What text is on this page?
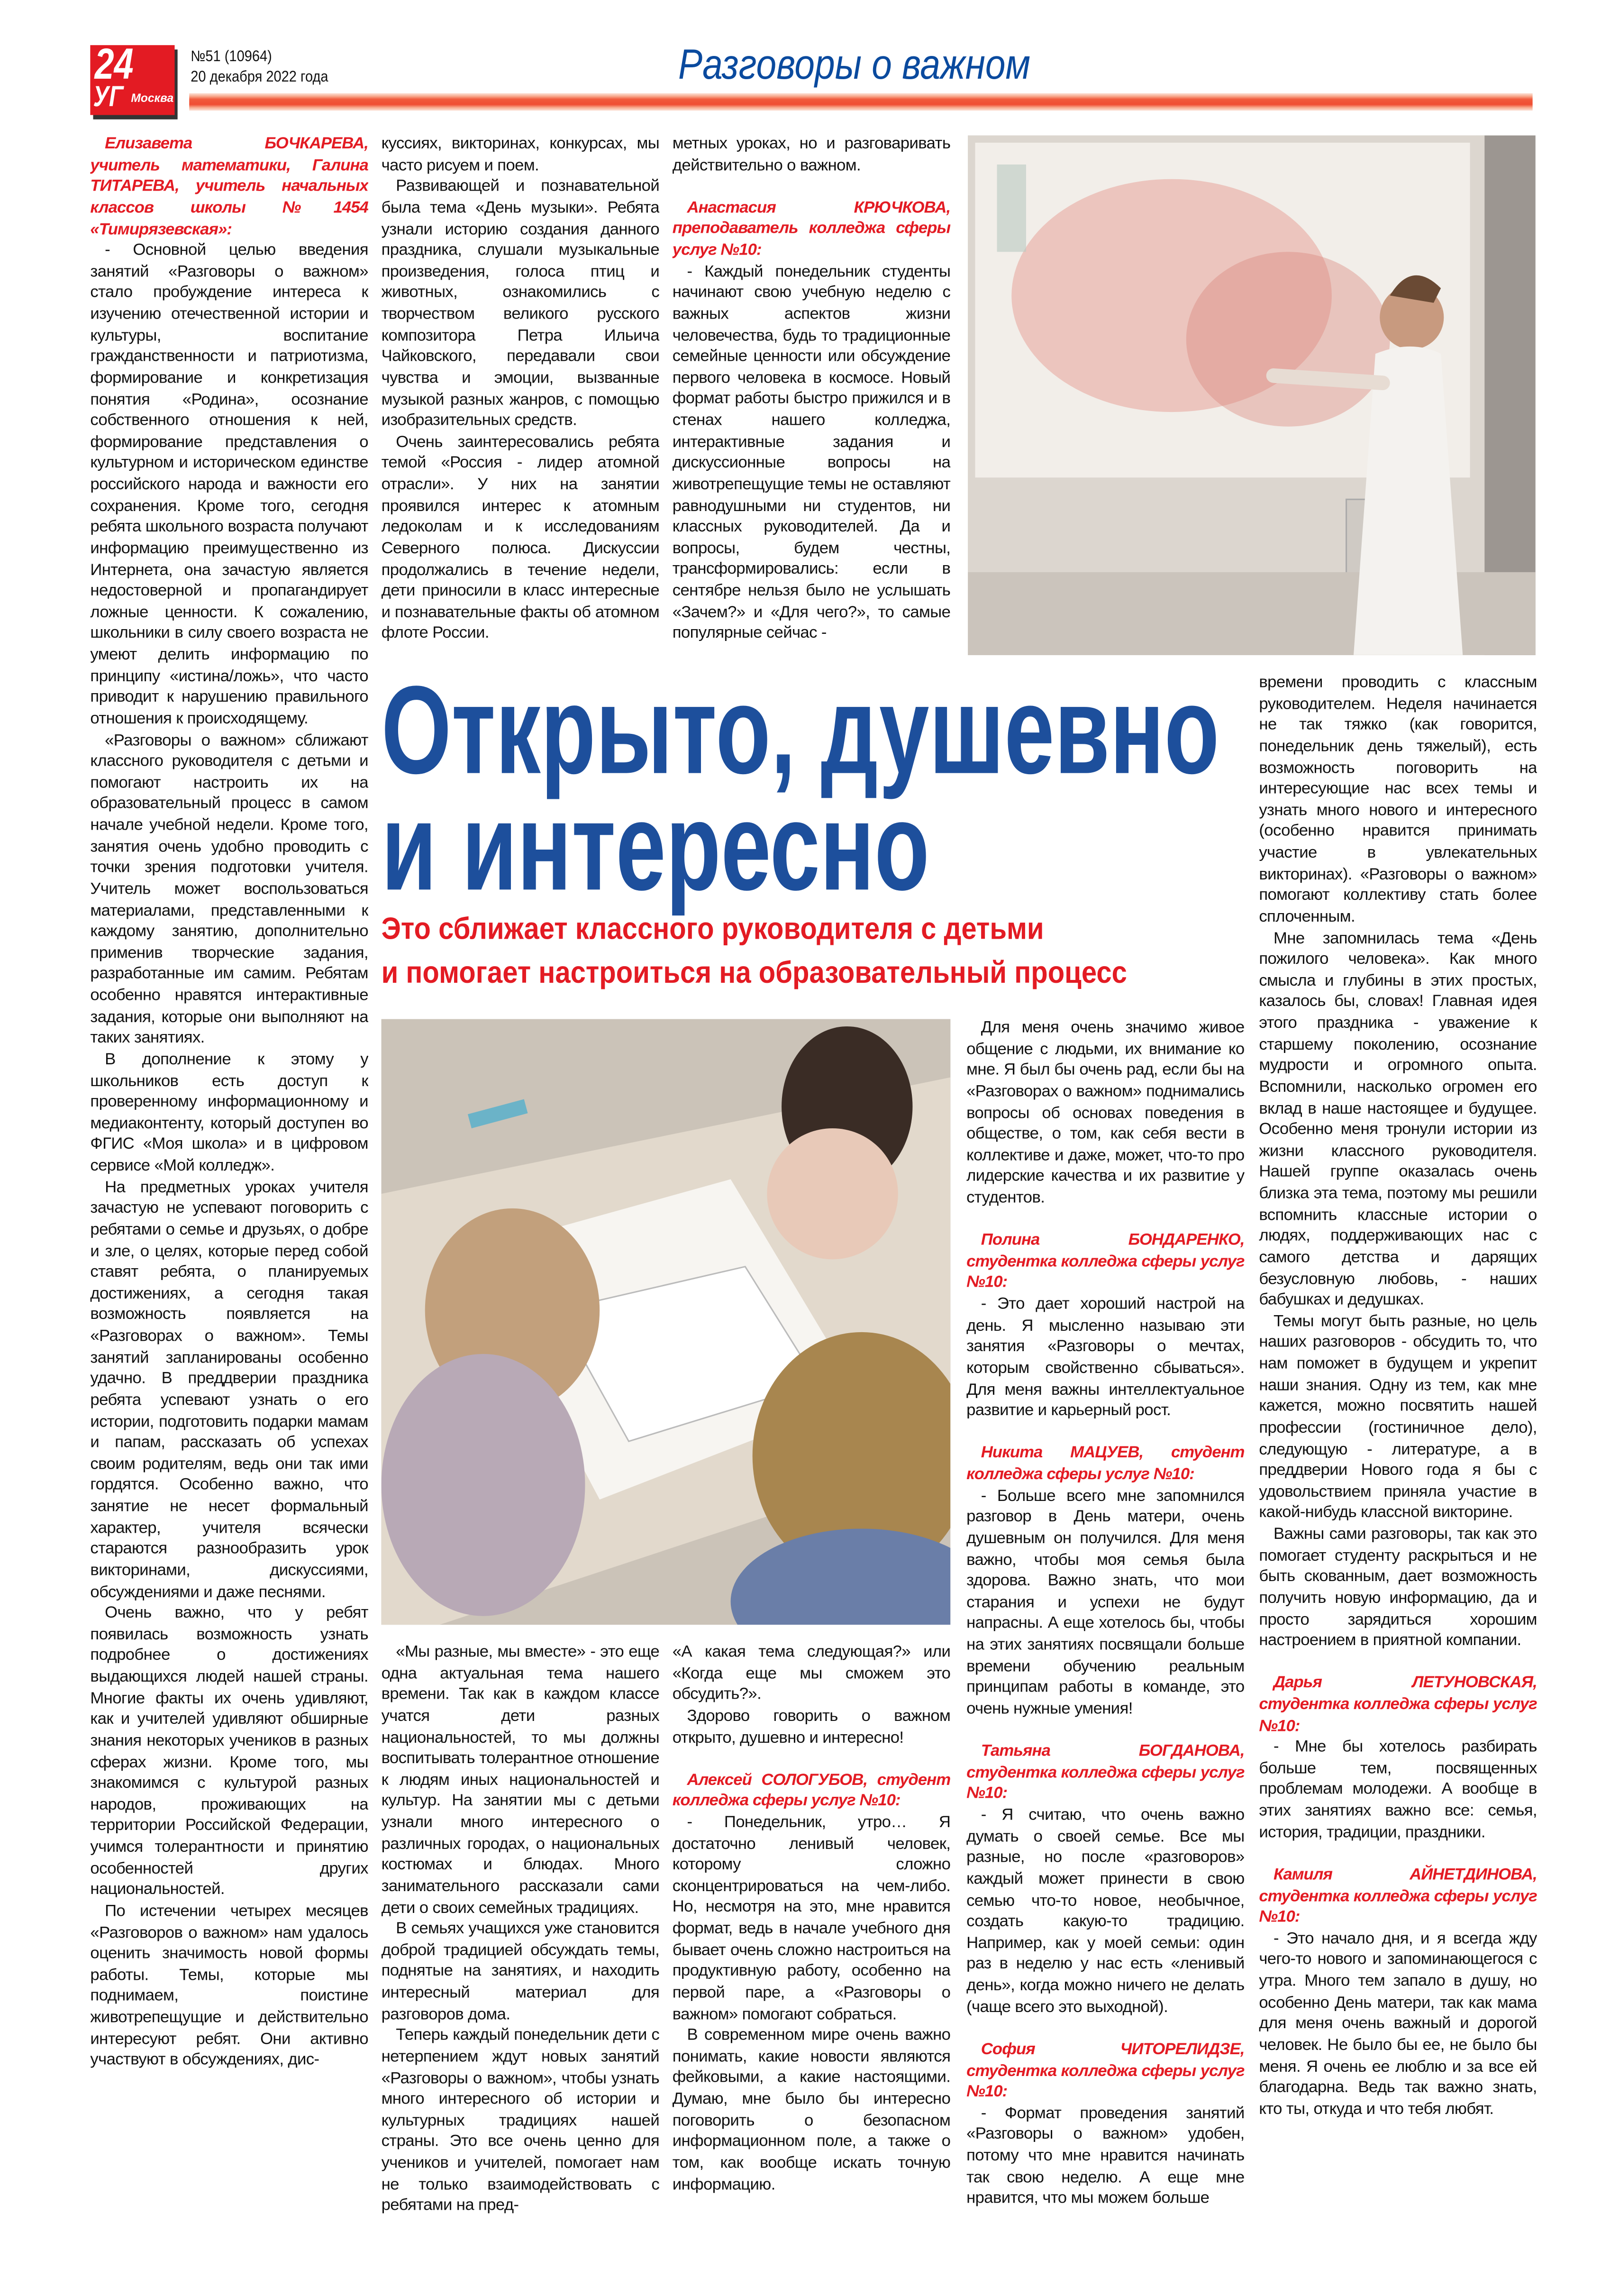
24
УГ Москва
№51 (10964)
20 декабря 2022 года	Разговоры о важном

Елизавета БОЧКАРЕВА, учитель математики, Галина ТИТАРЕВА, учитель начальных классов школы №1454 «Тимирязевская»:

- Основной целью введения занятий «Разговоры о важном» стало пробуждение интереса к изучению отечественной истории и культуры, воспитание гражданственности и патриотизма, формирование и конкретизация понятия «Родина», осознание собственного отношения к ней, формирование представления о культурном и историческом единстве российского народа и важности его сохранения. Кроме того, сегодня ребята школьного возраста получают информацию преимущественно из Интернета, она зачастую является недостоверной и пропагандирует ложные ценности. К сожалению, школьники в силу своего возраста не умеют делить информацию по принципу «истина/ложь», что часто приводит к нарушению правильного отношения к происходящему.

«Разговоры о важном» сближают классного руководителя с детьми и помогают настроить их на образовательный процесс в самом начале учебной недели. Кроме того, занятия очень удобно проводить с точки зрения подготовки учителя. Учитель может воспользоваться материалами, представленными к каждому занятию, дополнительно применив творческие задания, разработанные им самим. Ребятам особенно нравятся интерактивные задания, которые они выполняют на таких занятиях.

В дополнение к этому у школьников есть доступ к проверенному информационному и медиаконтенту, который доступен во ФГИС «Моя школа» и в цифровом сервисе «Мой колледж».

На предметных уроках учителя зачастую не успевают поговорить с ребятами о семье и друзьях, о добре и зле, о целях, которые перед собой ставят ребята, о планируемых достижениях, а сегодня такая возможность появляется на «Разговорах о важном». Темы занятий запланированы особенно удачно. В преддверии праздника ребята успевают узнать о его истории, подготовить подарки мамам и папам, рассказать об успехах своим родителям, ведь они так ими гордятся. Особенно важно, что занятие не несет формальный характер, учителя всячески стараются разнообразить урок викторинами, дискуссиями, обсуждениями и даже песнями.

Очень важно, что у ребят появилась возможность узнать подробнее о достижениях выдающихся людей нашей страны. Многие факты их очень удивляют, как и учителей удивляют обширные знания некоторых учеников в разных сферах жизни. Кроме того, мы знакомимся с культурой разных народов, проживающих на территории Российской Федерации, учимся толерантности и принятию особенностей других национальностей.

По истечении четырех месяцев «Разговоров о важном» нам удалось оценить значимость новой формы работы. Темы, которые мы поднимаем, поистине животрепещущие и действительно интересуют ребят. Они активно участвуют в обсуждениях, дис-

куссиях, викторинах, конкурсах, мы часто рисуем и поем.

Развивающей и познавательной была тема «День музыки». Ребята узнали историю создания данного праздника, слушали музыкальные произведения, голоса птиц и животных, ознакомились с творчеством великого русского композитора Петра Ильича Чайковского, передавали свои чувства и эмоции, вызванные музыкой разных жанров, с помощью изобразительных средств.

Очень заинтересовались ребята темой «Россия - лидер атомной отрасли». У них на занятии проявился интерес к атомным ледоколам и к исследованиям Северного полюса. Дискуссии продолжались в течение недели, дети приносили в класс интересные и познавательные факты об атомном флоте России.

метных уроках, но и разговаривать действительно о важном.

Анастасия КРЮЧКОВА, преподаватель колледжа сферы услуг №10:

- Каждый понедельник студенты начинают свою учебную неделю с важных аспектов жизни человечества, будь то традиционные семейные ценности или обсуждение первого человека в космосе. Новый формат работы быстро прижился и в стенах нашего колледжа, интерактивные задания и дискуссионные вопросы на животрепещущие темы не оставляют равнодушными ни студентов, ни классных руководителей. Да и вопросы, будем честны, трансформировались: если в сентябре нельзя было не услышать «Зачем?» и «Для чего?», то самые популярные сейчас -

Открыто, душевно
и интересно
Это сближает классного руководителя с детьми
и помогает настроиться на образовательный процесс

«Мы разные, мы вместе» - это еще одна актуальная тема нашего времени. Так как в каждом классе учатся дети разных национальностей, то мы должны воспитывать толерантное отношение к людям иных национальностей и культур. На занятии мы с детьми узнали много интересного о различных городах, о национальных костюмах и блюдах. Много занимательного рассказали сами дети о своих семейных традициях.

В семьях учащихся уже становится доброй традицией обсуждать темы, поднятые на занятиях, и находить интересный материал для разговоров дома.

Теперь каждый понедельник дети с нетерпением ждут новых занятий «Разговоры о важном», чтобы узнать много интересного об истории и культурных традициях нашей страны. Это все очень ценно для учеников и учителей, помогает нам не только взаимодействовать с ребятами на пред-

«А какая тема следующая?» или «Когда еще мы сможем это обсудить?».

Здорово говорить о важном открыто, душевно и интересно!

Алексей СОЛОГУБОВ, студент колледжа сферы услуг №10:

- Понедельник, утро… Я достаточно ленивый человек, которому сложно сконцентрироваться на чем-либо. Но, несмотря на это, мне нравится формат, ведь в начале учебного дня бывает очень сложно настроиться на продуктивную работу, особенно на первой паре, а «Разговоры о важном» помогают собраться.

В современном мире очень важно понимать, какие новости являются фейковыми, а какие настоящими. Думаю, мне было бы интересно поговорить о безопасном информационном поле, а также о том, как вообще искать точную информацию.

Для меня очень значимо живое общение с людьми, их внимание ко мне. Я был бы очень рад, если бы на «Разговорах о важном» поднимались вопросы об основах поведения в обществе, о том, как себя вести в коллективе и даже, может, что-то про лидерские качества и их развитие у студентов.

Полина БОНДАРЕНКО, студентка колледжа сферы услуг №10:

- Это дает хороший настрой на день. Я мысленно называю эти занятия «Разговоры о мечтах, которым свойственно сбываться». Для меня важны интеллектуальное развитие и карьерный рост.

Никита МАЦУЕВ, студент колледжа сферы услуг №10:

- Больше всего мне запомнился разговор в День матери, очень душевным он получился. Для меня важно, чтобы моя семья была здорова. Важно знать, что мои старания и успехи не будут напрасны. А еще хотелось бы, чтобы на этих занятиях посвящали больше времени обучению реальным принципам работы в команде, это очень нужные умения!

Татьяна БОГДАНОВА, студентка колледжа сферы услуг №10:

- Я считаю, что очень важно думать о своей семье. Все мы разные, но после «разговоров» каждый может принести в свою семью что-то новое, необычное, создать какую-то традицию. Например, как у моей семьи: один раз в неделю у нас есть «ленивый день», когда можно ничего не делать (чаще всего это выходной).

София ЧИТОРЕЛИДЗЕ, студентка колледжа сферы услуг №10:

- Формат проведения занятий «Разговоры о важном» удобен, потому что мне нравится начинать так свою неделю. А еще мне нравится, что мы можем больше

времени проводить с классным руководителем. Неделя начинается не так тяжко (как говорится, понедельник день тяжелый), есть возможность поговорить на интересующие нас всех темы и узнать много нового и интересного (особенно нравится принимать участие в увлекательных викторинах). «Разговоры о важном» помогают коллективу стать более сплоченным.

Мне запомнилась тема «День пожилого человека». Как много смысла и глубины в этих простых, казалось бы, словах! Главная идея этого праздника - уважение к старшему поколению, осознание мудрости и огромного опыта. Вспомнили, насколько огромен его вклад в наше настоящее и будущее. Особенно меня тронули истории из жизни классного руководителя. Нашей группе оказалась очень близка эта тема, поэтому мы решили вспомнить классные истории о людях, поддерживающих нас с самого детства и дарящих безусловную любовь, - наших бабушках и дедушках.

Темы могут быть разные, но цель наших разговоров - обсудить то, что нам поможет в будущем и укрепит наши знания. Одну из тем, как мне кажется, можно посвятить нашей профессии (гостиничное дело), следующую - литературе, а в преддверии Нового года я бы с удовольствием приняла участие в какой-нибудь классной викторине.

Важны сами разговоры, так как это помогает студенту раскрыться и не быть скованным, дает возможность получить новую информацию, да и просто зарядиться хорошим настроением в приятной компании.

Дарья ЛЕТУНОВСКАЯ, студентка колледжа сферы услуг №10:

- Мне бы хотелось разбирать больше тем, посвященных проблемам молодежи. А вообще в этих занятиях важно все: семья, история, традиции, праздники.

Камиля АЙНЕТДИНОВА, студентка колледжа сферы услуг №10:

- Это начало дня, и я всегда жду чего-то нового и запоминающегося с утра. Много тем запало в душу, но особенно День матери, так как мама для меня очень важный и дорогой человек. Не было бы ее, не было бы меня. Я очень ее люблю и за все ей благодарна. Ведь так важно знать, кто ты, откуда и что тебя любят.
